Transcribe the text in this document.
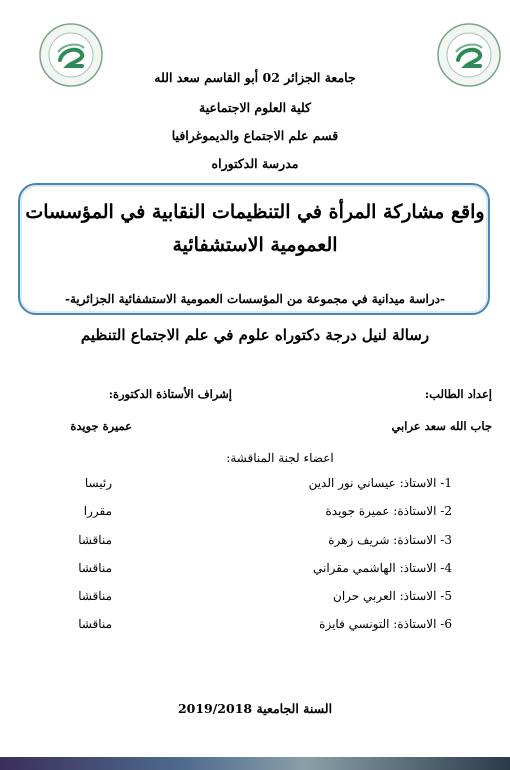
جامعة الجزائر 02 أبو القاسم سعد الله
كلية العلوم الاجتماعية
قسم علم الاجتماع والديموغرافيا
مدرسة الدكتوراه
واقع مشاركة المرأة في التنظيمات النقابية في المؤسسات العمومية الاستشفائية
-دراسة ميدانية في مجموعة من المؤسسات العمومية الاستشفائية الجزائرية-
رسالة لنيل درجة دكتوراه علوم في علم الاجتماع التنظيم
إعداد الطالب:
جاب الله سعد عرابي
إشراف الأستاذة الدكتورة:
عميرة جويدة
اعضاء لجنة المناقشة:
1- الاستاذ: عيساني نور الدين
رئيسا
2- الاستاذة: عميرة جويدة
مقررا
3- الاستاذة: شريف زهرة
مناقشا
4- الاستاذ: الهاشمي مقراني
مناقشا
5- الاستاذ: العربي حران
مناقشا
6- الاستاذة: التونسي فايزة
مناقشا
السنة الجامعية 2019/2018
